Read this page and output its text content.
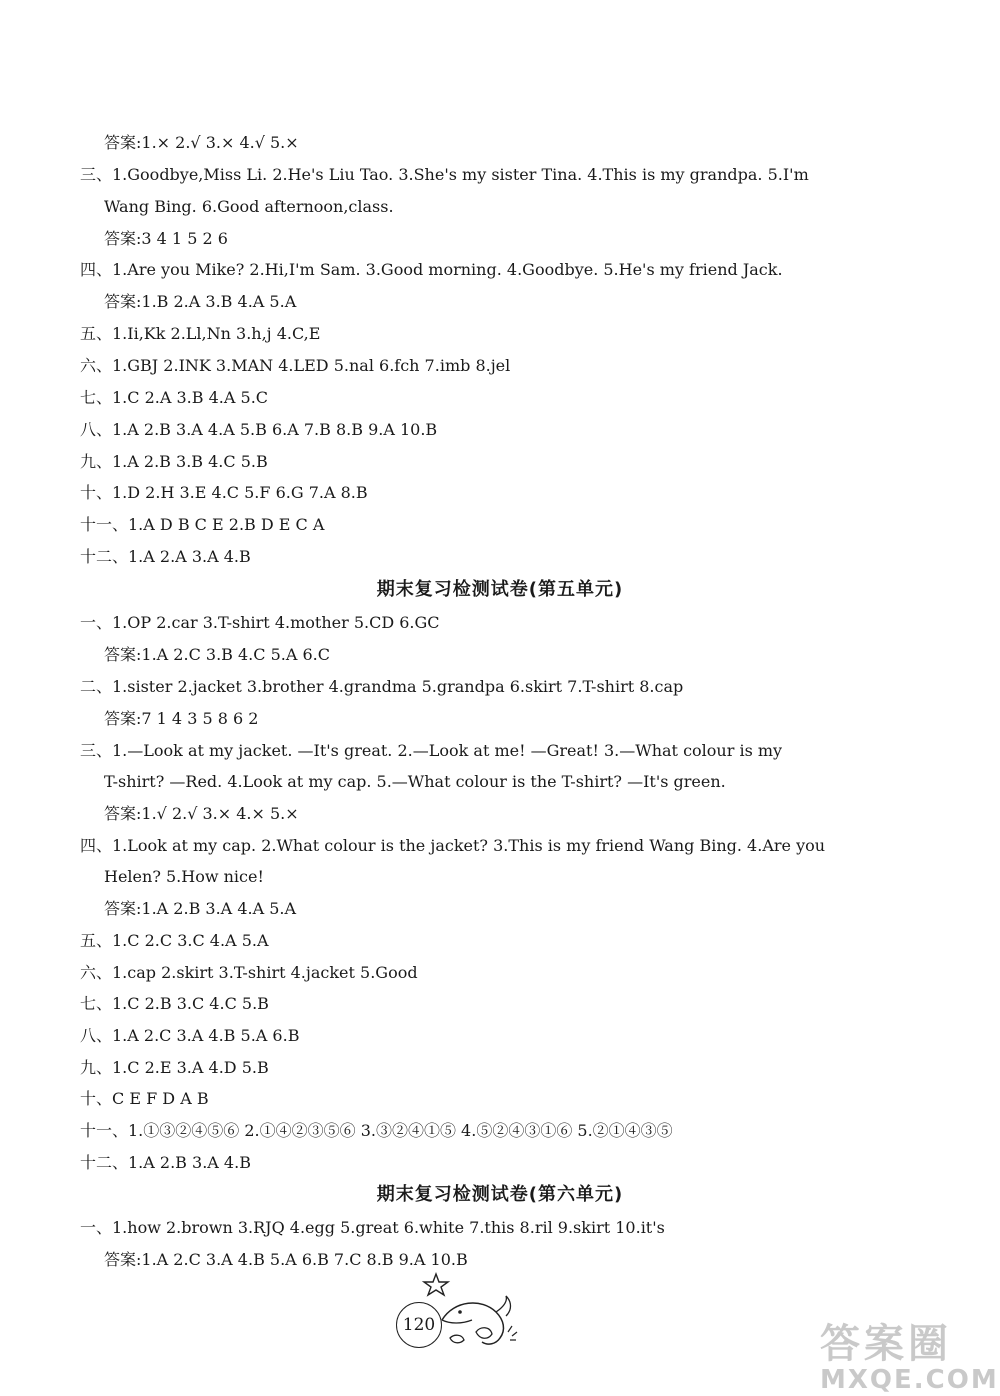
答案:1.× 2.√ 3.× 4.√ 5.×
三、1.Goodbye,Miss Li. 2.He's Liu Tao. 3.She's my sister Tina. 4.This is my grandpa. 5.I'm
Wang Bing. 6.Good afternoon,class.
答案:3 4 1 5 2 6
四、1.Are you Mike? 2.Hi,I'm Sam. 3.Good morning. 4.Goodbye. 5.He's my friend Jack.
答案:1.B 2.A 3.B 4.A 5.A
五、1.Ii,Kk 2.Ll,Nn 3.h,j 4.C,E
六、1.GBJ 2.INK 3.MAN 4.LED 5.nal 6.fch 7.imb 8.jel
七、1.C 2.A 3.B 4.A 5.C
八、1.A 2.B 3.A 4.A 5.B 6.A 7.B 8.B 9.A 10.B
九、1.A 2.B 3.B 4.C 5.B
十、1.D 2.H 3.E 4.C 5.F 6.G 7.A 8.B
十一、1.A D B C E 2.B D E C A
十二、1.A 2.A 3.A 4.B
期末复习检测试卷(第五单元)
一、1.OP 2.car 3.T-shirt 4.mother 5.CD 6.GC
答案:1.A 2.C 3.B 4.C 5.A 6.C
二、1.sister 2.jacket 3.brother 4.grandma 5.grandpa 6.skirt 7.T-shirt 8.cap
答案:7 1 4 3 5 8 6 2
三、1.—Look at my jacket. —It's great. 2.—Look at me! —Great! 3.—What colour is my
T-shirt? —Red. 4.Look at my cap. 5.—What colour is the T-shirt? —It's green.
答案:1.√ 2.√ 3.× 4.× 5.×
四、1.Look at my cap. 2.What colour is the jacket? 3.This is my friend Wang Bing. 4.Are you
Helen? 5.How nice!
答案:1.A 2.B 3.A 4.A 5.A
五、1.C 2.C 3.C 4.A 5.A
六、1.cap 2.skirt 3.T-shirt 4.jacket 5.Good
七、1.C 2.B 3.C 4.C 5.B
八、1.A 2.C 3.A 4.B 5.A 6.B
九、1.C 2.E 3.A 4.D 5.B
十、C E F D A B
十一、1.①③②④⑤⑥ 2.①④②③⑤⑥ 3.③②④①⑤ 4.⑤②④③①⑥ 5.②①④③⑤
十二、1.A 2.B 3.A 4.B
期末复习检测试卷(第六单元)
一、1.how 2.brown 3.RJQ 4.egg 5.great 6.white 7.this 8.ril 9.skirt 10.it's
答案:1.A 2.C 3.A 4.B 5.A 6.B 7.C 8.B 9.A 10.B
120	答案圈
MXQE.COM
